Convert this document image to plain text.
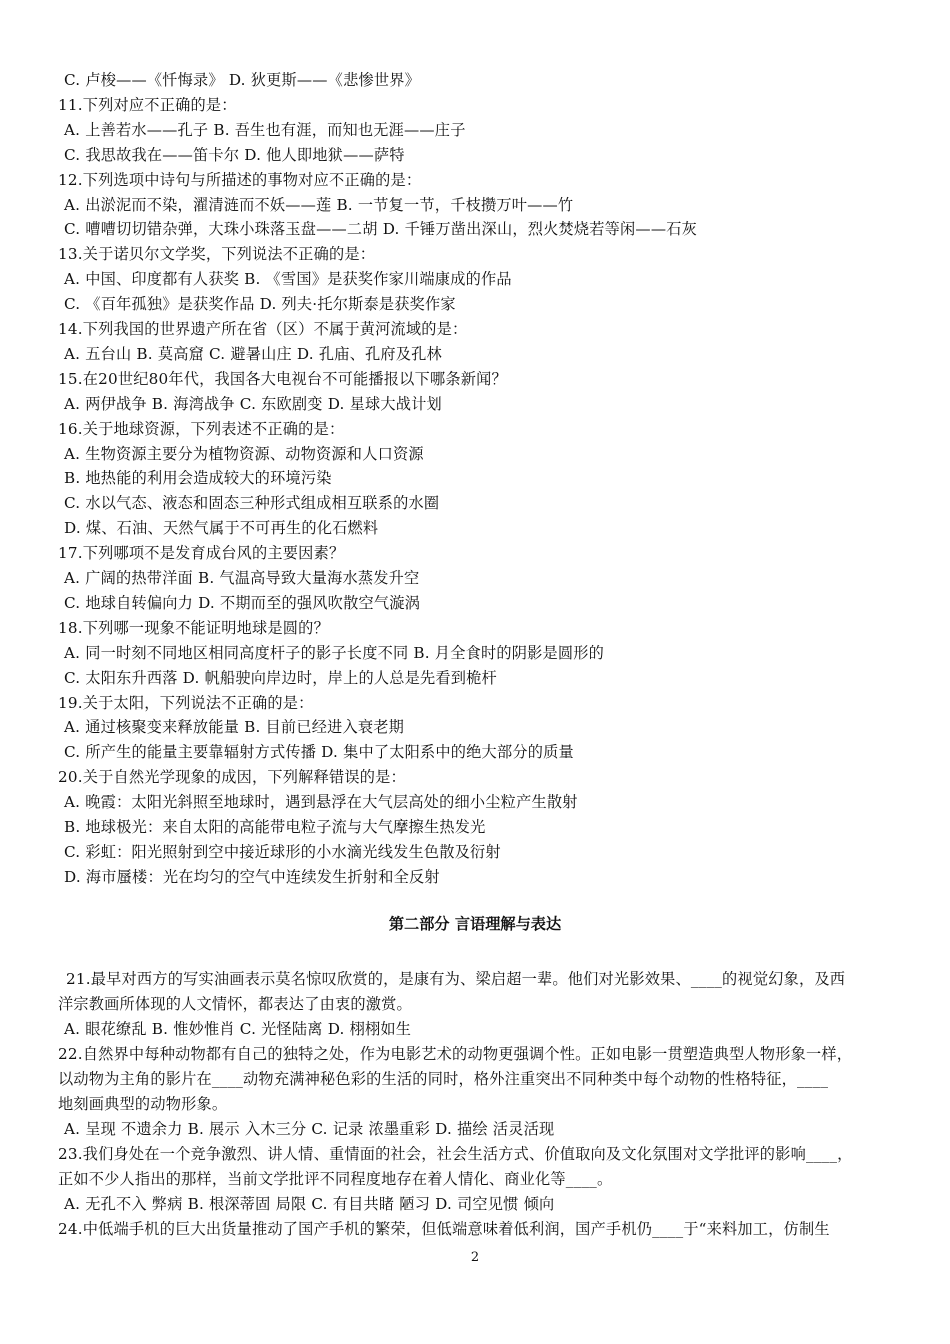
C. 卢梭——《忏悔录》 D. 狄更斯——《悲惨世界》
11.下列对应不正确的是：
A. 上善若水——孔子 B. 吾生也有涯，而知也无涯——庄子
C. 我思故我在——笛卡尔 D. 他人即地狱——萨特
12.下列选项中诗句与所描述的事物对应不正确的是：
A. 出淤泥而不染，濯清涟而不妖——莲 B. 一节复一节，千枝攒万叶——竹
C. 嘈嘈切切错杂弹，大珠小珠落玉盘——二胡 D. 千锤万凿出深山，烈火焚烧若等闲——石灰
13.关于诺贝尔文学奖，下列说法不正确的是：
A. 中国、印度都有人获奖 B. 《雪国》是获奖作家川端康成的作品
C. 《百年孤独》是获奖作品 D. 列夫·托尔斯泰是获奖作家
14.下列我国的世界遗产所在省（区）不属于黄河流域的是：
A. 五台山 B. 莫高窟 C. 避暑山庄 D. 孔庙、孔府及孔林
15.在20世纪80年代，我国各大电视台不可能播报以下哪条新闻？
A. 两伊战争 B. 海湾战争 C. 东欧剧变 D. 星球大战计划
16.关于地球资源，下列表述不正确的是：
A. 生物资源主要分为植物资源、动物资源和人口资源
B. 地热能的利用会造成较大的环境污染
C. 水以气态、液态和固态三种形式组成相互联系的水圈
D. 煤、石油、天然气属于不可再生的化石燃料
17.下列哪项不是发育成台风的主要因素？
A. 广阔的热带洋面 B. 气温高导致大量海水蒸发升空
C. 地球自转偏向力 D. 不期而至的强风吹散空气漩涡
18.下列哪一现象不能证明地球是圆的？
A. 同一时刻不同地区相同高度杆子的影子长度不同 B. 月全食时的阴影是圆形的
C. 太阳东升西落 D. 帆船驶向岸边时，岸上的人总是先看到桅杆
19.关于太阳，下列说法不正确的是：
A. 通过核聚变来释放能量 B. 目前已经进入衰老期
C. 所产生的能量主要靠辐射方式传播 D. 集中了太阳系中的绝大部分的质量
20.关于自然光学现象的成因，下列解释错误的是：
A. 晚霞：太阳光斜照至地球时，遇到悬浮在大气层高处的细小尘粒产生散射
B. 地球极光：来自太阳的高能带电粒子流与大气摩擦生热发光
C. 彩虹：阳光照射到空中接近球形的小水滴光线发生色散及衍射
D. 海市蜃楼：光在均匀的空气中连续发生折射和全反射
第二部分 言语理解与表达
21.最早对西方的写实油画表示莫名惊叹欣赏的，是康有为、梁启超一辈。他们对光影效果、____的视觉幻象，及西
洋宗教画所体现的人文情怀，都表达了由衷的激赏。
A. 眼花缭乱 B. 惟妙惟肖 C. 光怪陆离 D. 栩栩如生
22.自然界中每种动物都有自己的独特之处，作为电影艺术的动物更强调个性。正如电影一贯塑造典型人物形象一样，
以动物为主角的影片在____动物充满神秘色彩的生活的同时，格外注重突出不同种类中每个动物的性格特征，____
地刻画典型的动物形象。
A. 呈现 不遗余力 B. 展示 入木三分 C. 记录 浓墨重彩 D. 描绘 活灵活现
23.我们身处在一个竞争激烈、讲人情、重情面的社会，社会生活方式、价值取向及文化氛围对文学批评的影响____，
正如不少人指出的那样，当前文学批评不同程度地存在着人情化、商业化等____。
A. 无孔不入 弊病 B. 根深蒂固 局限 C. 有目共睹 陋习 D. 司空见惯 倾向
24.中低端手机的巨大出货量推动了国产手机的繁荣，但低端意味着低利润，国产手机仍____于“来料加工，仿制生
2
